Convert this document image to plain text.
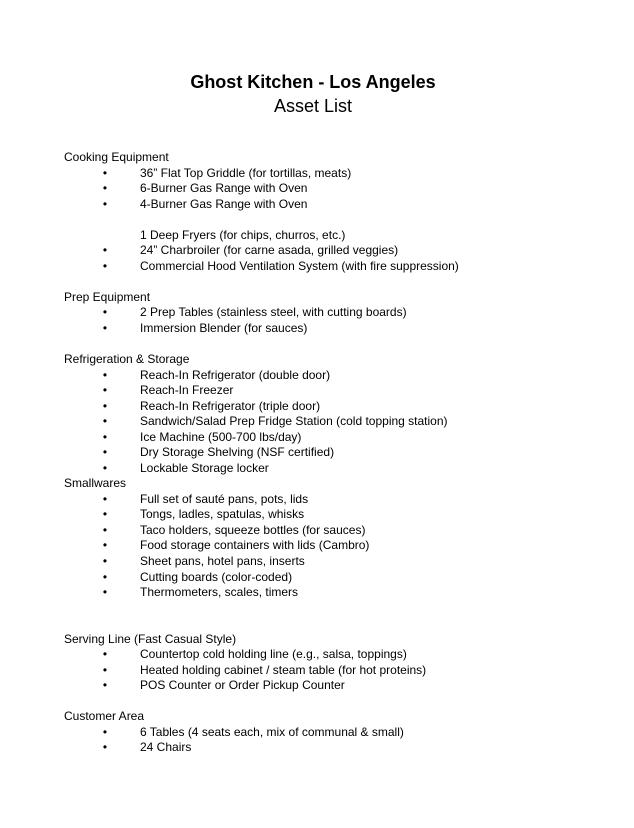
Ghost Kitchen - Los Angeles
Asset List
Cooking Equipment
•	36” Flat Top Griddle (for tortillas, meats)
•	6-Burner Gas Range with Oven
•	4-Burner Gas Range with Oven
1 Deep Fryers (for chips, churros, etc.)
•	24” Charbroiler (for carne asada, grilled veggies)
•	Commercial Hood Ventilation System (with fire suppression)
Prep Equipment
•	2 Prep Tables (stainless steel, with cutting boards)
•	Immersion Blender (for sauces)
Refrigeration & Storage
•	Reach-In Refrigerator (double door)
•	Reach-In Freezer
•	Reach-In Refrigerator (triple door)
•	Sandwich/Salad Prep Fridge Station (cold topping station)
•	Ice Machine (500-700 lbs/day)
•	Dry Storage Shelving (NSF certified)
•	Lockable Storage locker
Smallwares
•	Full set of sauté pans, pots, lids
•	Tongs, ladles, spatulas, whisks
•	Taco holders, squeeze bottles (for sauces)
•	Food storage containers with lids (Cambro)
•	Sheet pans, hotel pans, inserts
•	Cutting boards (color-coded)
•	Thermometers, scales, timers
Serving Line (Fast Casual Style)
•	Countertop cold holding line (e.g., salsa, toppings)
•	Heated holding cabinet / steam table (for hot proteins)
•	POS Counter or Order Pickup Counter
Customer Area
•	6 Tables (4 seats each, mix of communal & small)
•	24 Chairs
